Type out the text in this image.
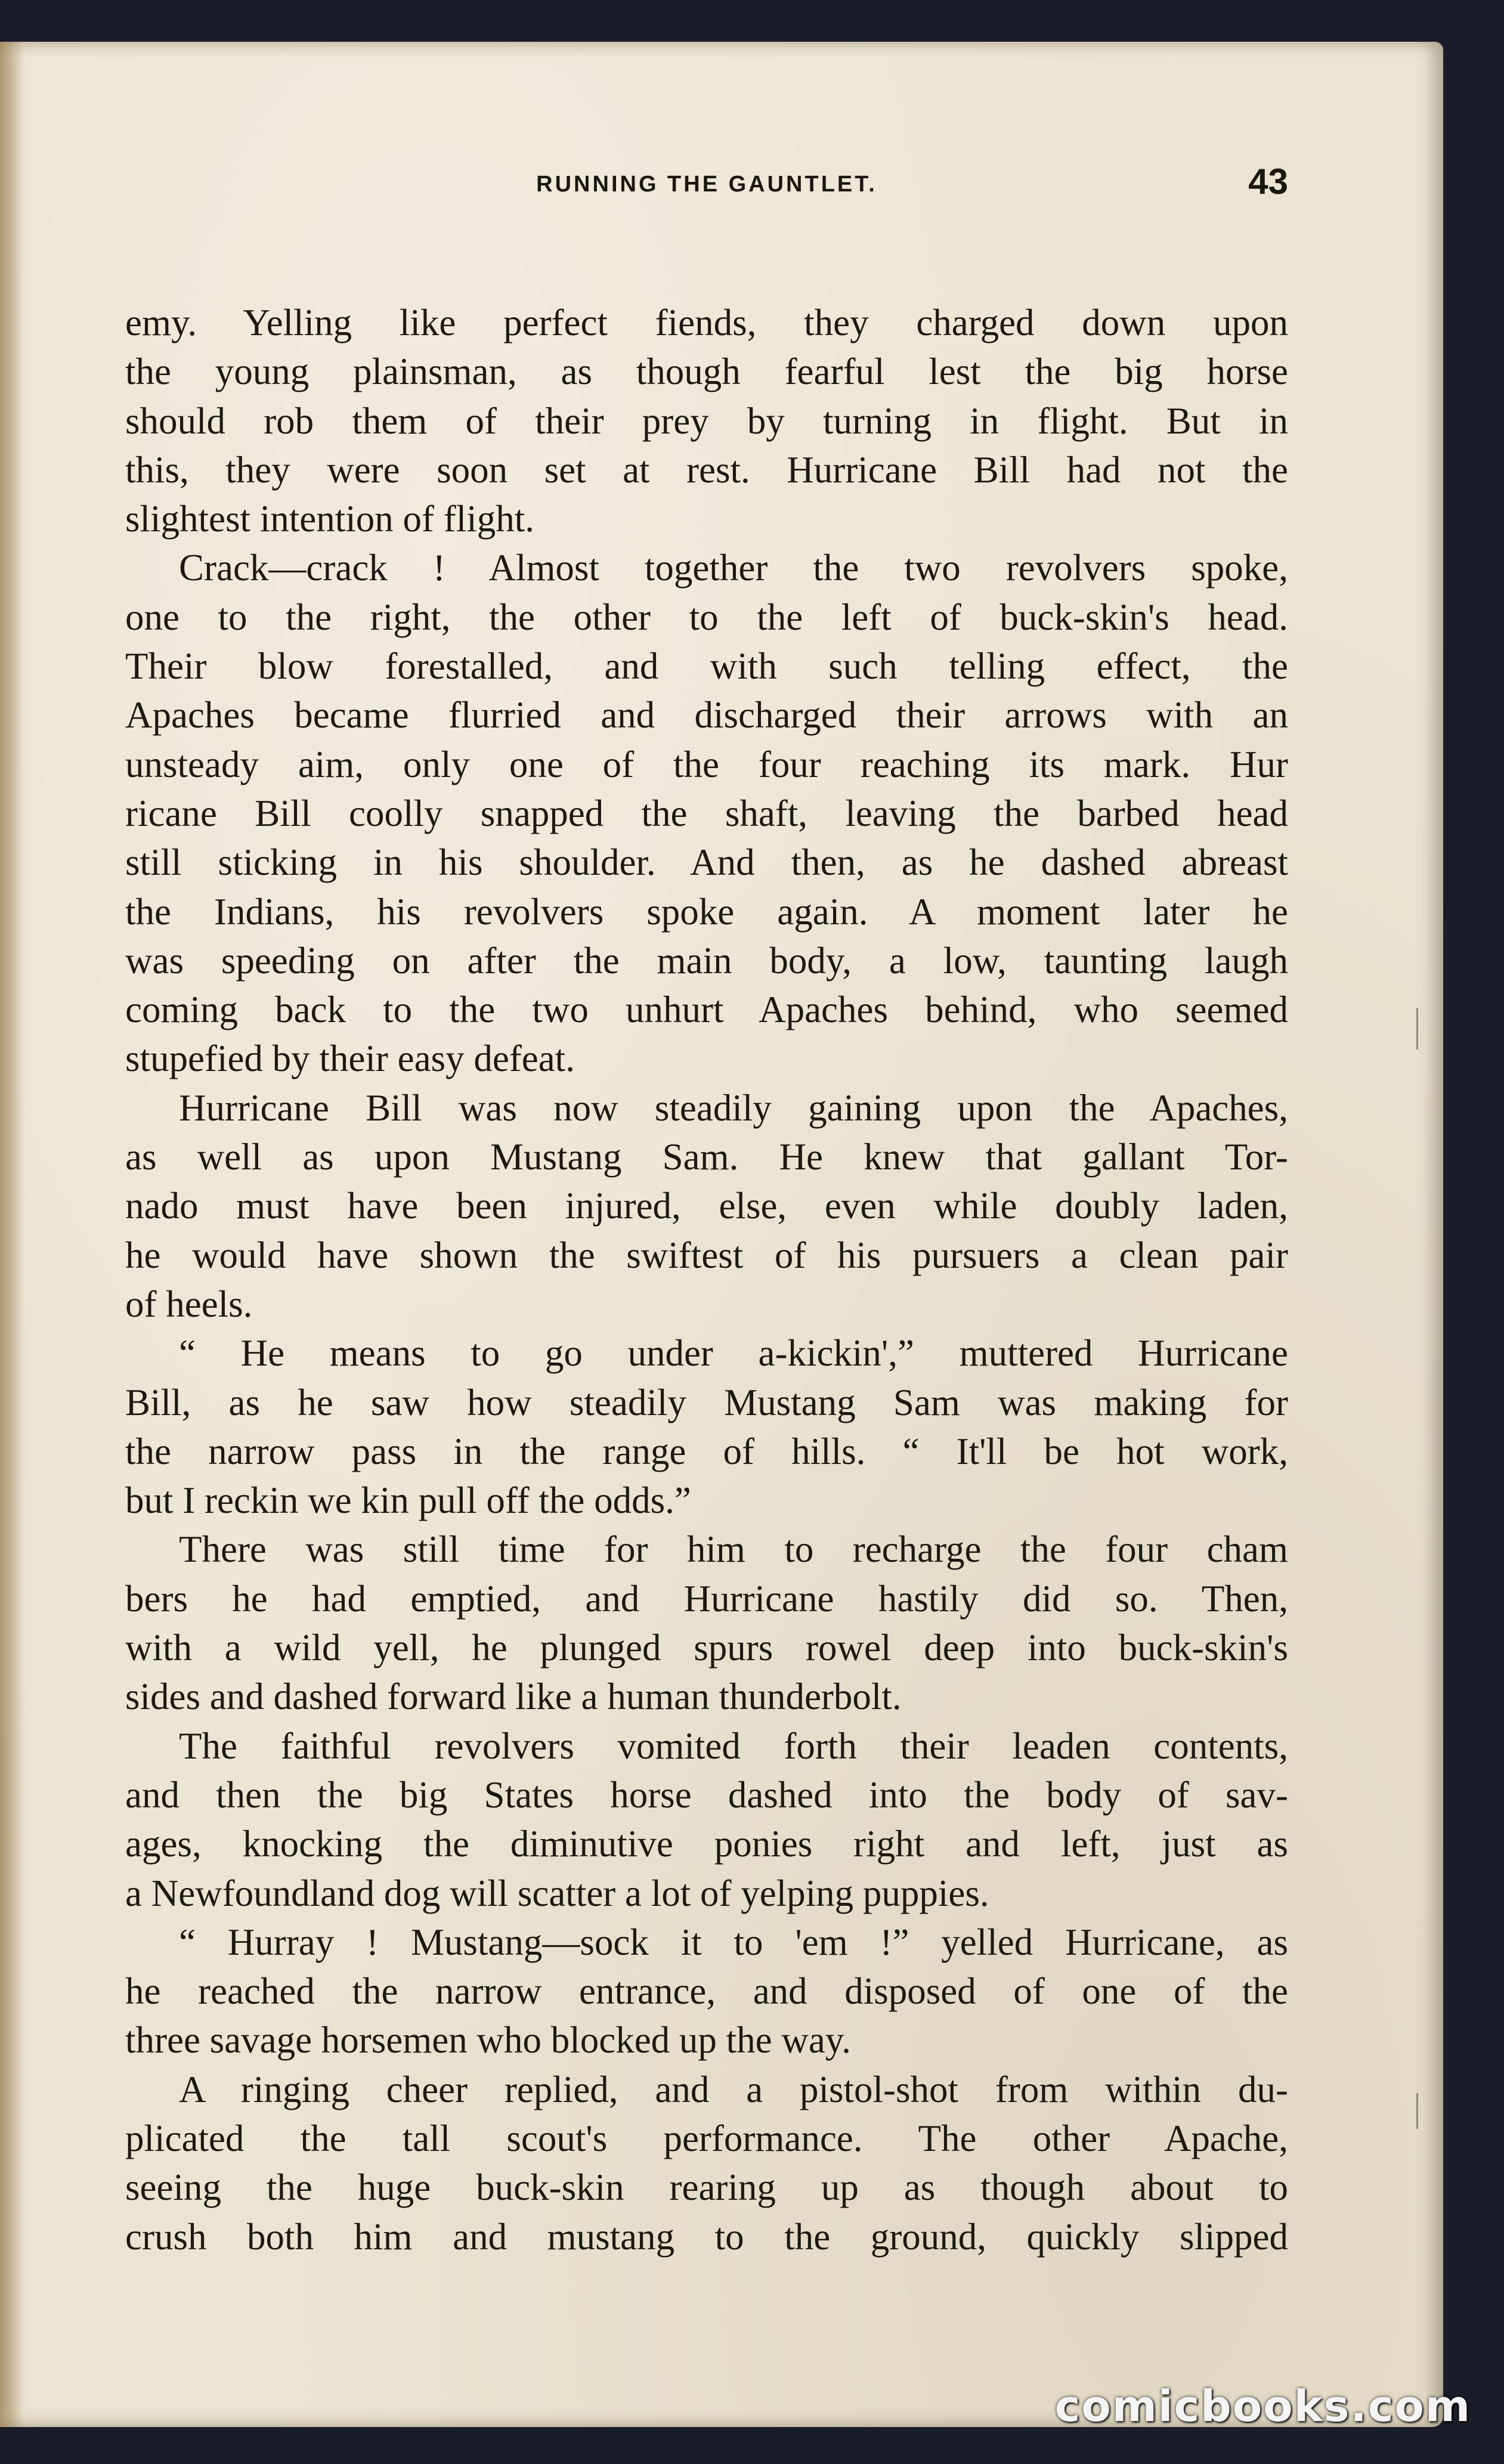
RUNNING THE GAUNTLET.	43
emy. Yelling like perfect fiends, they charged down upon
the young plainsman, as though fearful lest the big horse
should rob them of their prey by turning in flight. But in
this, they were soon set at rest. Hurricane Bill had not the
slightest intention of flight.
Crack—crack ! Almost together the two revolvers spoke,
one to the right, the other to the left of buck-skin's head.
Their blow forestalled, and with such telling effect, the
Apaches became flurried and discharged their arrows with an
unsteady aim, only one of the four reaching its mark. Hur
ricane Bill coolly snapped the shaft, leaving the barbed head
still sticking in his shoulder. And then, as he dashed abreast
the Indians, his revolvers spoke again. A moment later he
was speeding on after the main body, a low, taunting laugh
coming back to the two unhurt Apaches behind, who seemed
stupefied by their easy defeat.
Hurricane Bill was now steadily gaining upon the Apaches,
as well as upon Mustang Sam. He knew that gallant Tor-
nado must have been injured, else, even while doubly laden,
he would have shown the swiftest of his pursuers a clean pair
of heels.
“ He means to go under a-kickin',” muttered Hurricane
Bill, as he saw how steadily Mustang Sam was making for
the narrow pass in the range of hills. “ It'll be hot work,
but I reckin we kin pull off the odds.”
There was still time for him to recharge the four cham
bers he had emptied, and Hurricane hastily did so. Then,
with a wild yell, he plunged spurs rowel deep into buck-skin's
sides and dashed forward like a human thunderbolt.
The faithful revolvers vomited forth their leaden contents,
and then the big States horse dashed into the body of sav-
ages, knocking the diminutive ponies right and left, just as
a Newfoundland dog will scatter a lot of yelping puppies.
“ Hurray ! Mustang—sock it to 'em !” yelled Hurricane, as
he reached the narrow entrance, and disposed of one of the
three savage horsemen who blocked up the way.
A ringing cheer replied, and a pistol-shot from within du-
plicated the tall scout's performance. The other Apache,
seeing the huge buck-skin rearing up as though about to
crush both him and mustang to the ground, quickly slipped
comicbooks.com
